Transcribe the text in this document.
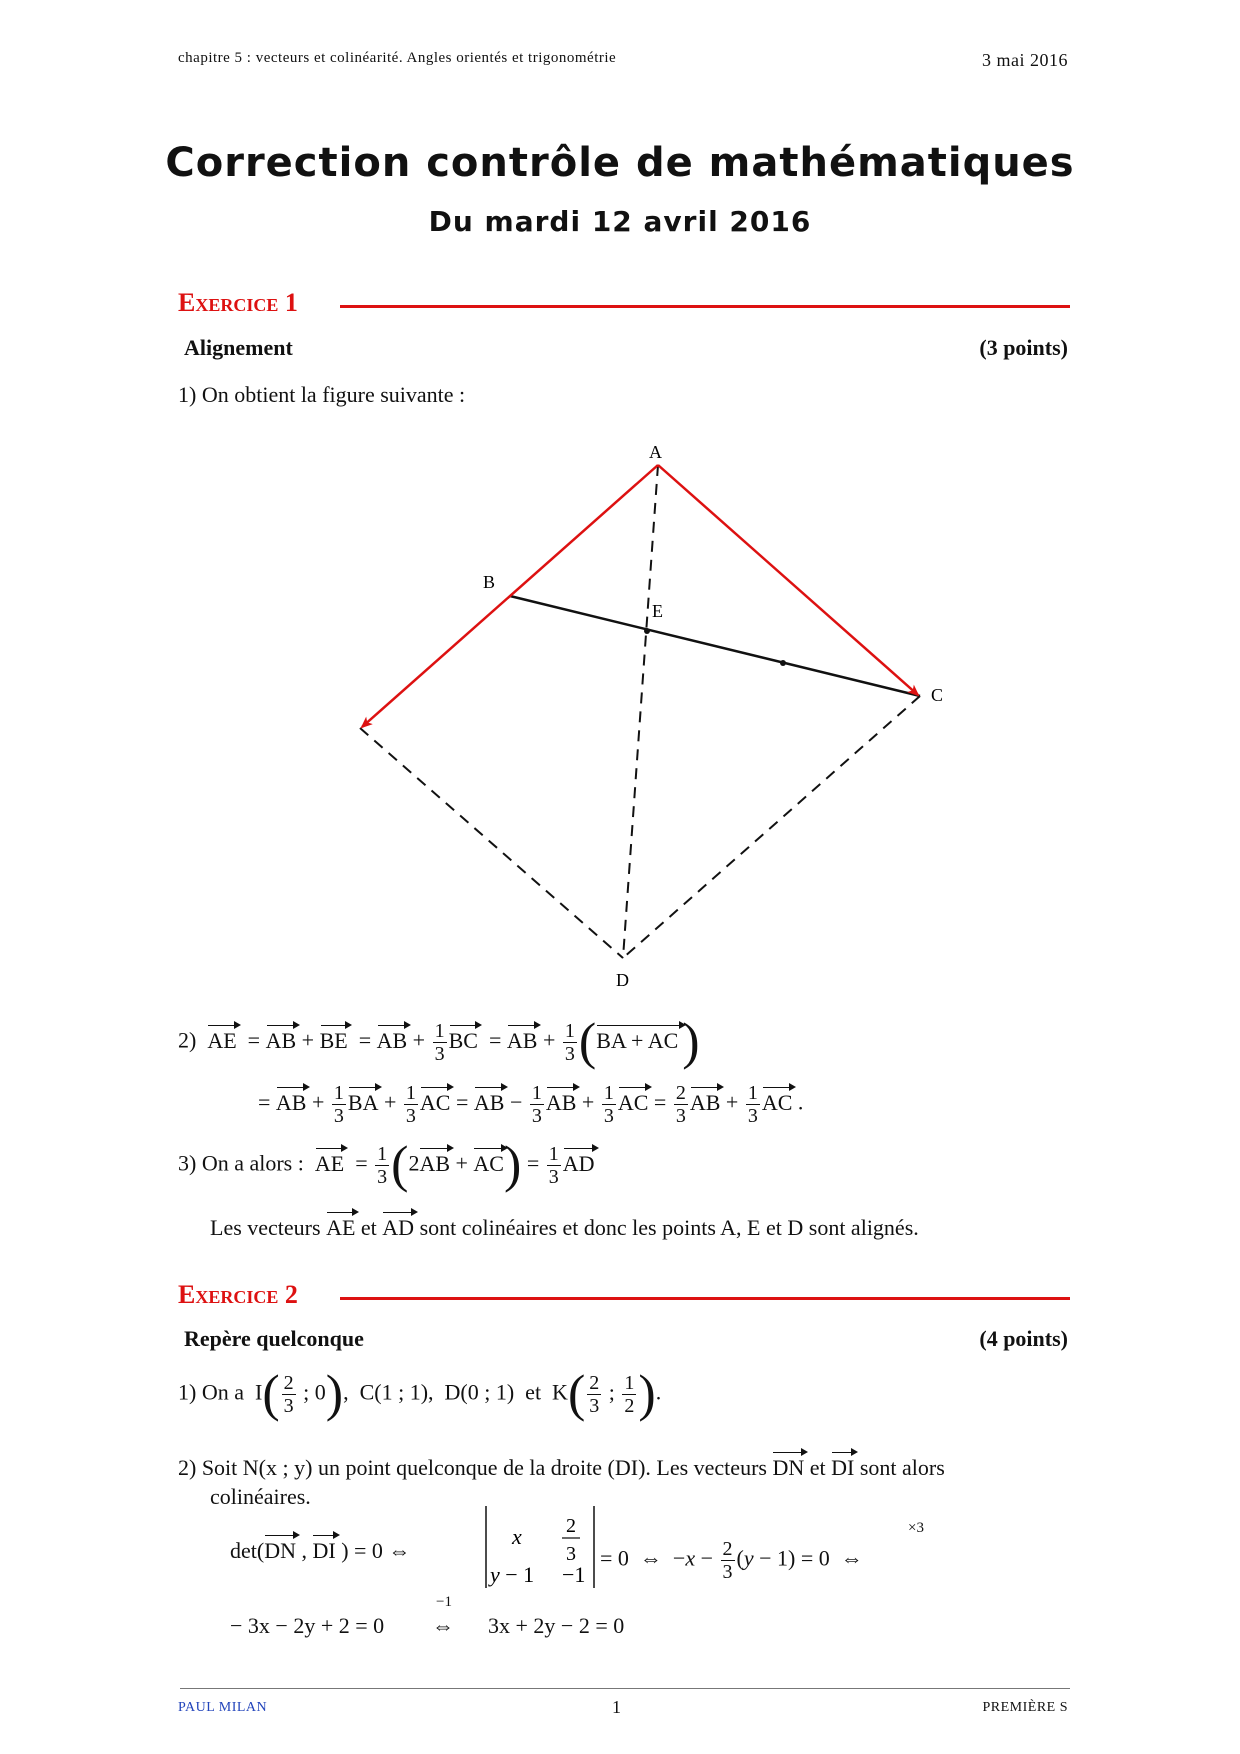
chapitre 5 : vecteurs et colinéarité. Angles orientés et trigonométrie	3 mai 2016
Correction contrôle de mathématiques
Du mardi 12 avril 2016
Exercice 1
Alignement	(3 points)
1) On obtient la figure suivante :
A
B
C
D
E
2) AE  = AB + BE  = AB + $\frac{1}{3}$ BC  = AB + $\frac{1}{3} (BA + AC)$
= AB + $\frac{1}{3}$ BA + $\frac{1}{3}$ AC = AB − $\frac{1}{3}$ AB + $\frac{1}{3}$ AC = $\frac{2}{3}$ AB + $\frac{1}{3}$ AC .
3) On a alors : AE  = $\frac{1}{3} (2AB + AC) = \frac{1}{3}$ AD
Les vecteurs AE et AD sont colinéaires et donc les points A, E et D sont alignés.
Exercice 2
Repère quelconque	(4 points)
1) On a  $I( \frac{2}{3}$ ; 0),  C(1 ; 1),  D(0 ; 1)  et  $K( \frac{2}{3}$ ; $\frac{1}{2}$ ).
2) Soit N(x ; y) un point quelconque de la droite (DI). Les vecteurs DN et DI sont alors
colinéaires.
det(DN , DI ) = 0 ⇔
x 2
3
y − 1 −1
= 0  ⇔  $-x - \frac{2}{3} (y - 1) = 0$  ⇔
×3
− 3x − 2y + 2 = 0 ⇔
−1
3x + 2y − 2 = 0
PAUL MILAN	1	PREMIÈRE S
